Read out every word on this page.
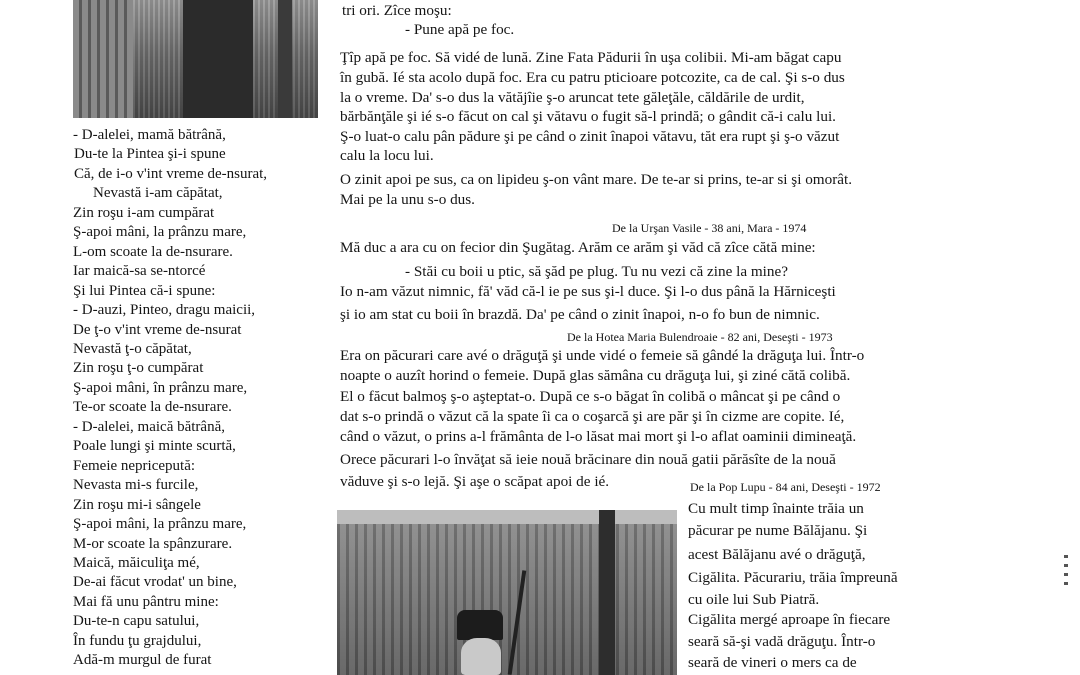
- D-alelei, mamă bătrână,
Du-te la Pintea şi-i spune
Că, de i-o v'int vreme de-nsurat,
Nevastă i-am căpătat,
Zin roşu i-am cumpărat
Ş-apoi mâni, la prânzu mare,
L-om scoate la de-nsurare.
Iar maică-sa se-ntorcé
Şi lui Pintea că-i spune:
- D-auzi, Pinteo, dragu maicii,
De ţ-o v'int vreme de-nsurat
Nevastă ţ-o căpătat,
Zin roşu ţ-o cumpărat
Ş-apoi mâni, în prânzu mare,
Te-or scoate la de-nsurare.
- D-alelei, maică bătrână,
Poale lungi şi minte scurtă,
Femeie nepricepută:
Nevasta mi-s furcile,
Zin roşu mi-i sângele
Ş-apoi mâni, la prânzu mare,
M-or scoate la spânzurare.
Maică, măiculiţa mé,
De-ai făcut vrodat' un bine,
Mai fă unu pântru mine:
Du-te-n capu satului,
În fundu ţu grajdului,
Adă-m murgul de furat

tri ori. Zîce moşu:

- Pune apă pe foc.

Ţîp apă pe foc. Să vidé de lună. Zine Fata Pădurii în uşa colibii. Mi-am băgat capu

în gubă. Ié sta acolo după foc. Era cu patru pticioare potcozite, ca de cal. Şi s-o dus

la o vreme. Da' s-o dus la vătăjîie ş-o aruncat tete găleţăle, căldările de urdit,

bărbănţăle şi ié s-o făcut on cal şi vătavu o fugit să-l prindă; o gândit că-i calu lui.

Ş-o luat-o calu pân pădure şi pe când o zinit înapoi vătavu, tăt era rupt şi ş-o văzut

calu la locu lui.

O zinit apoi pe sus, ca on lipideu ş-on vânt mare. De te-ar si prins, te-ar si şi omorât.

Mai pe la unu s-o dus.

De la Urşan Vasile - 38 ani, Mara - 1974

Mă duc a ara cu on fecior din Şugătag. Arăm ce arăm şi văd că zîce cătă mine:

- Stăi cu boii u ptic, să şăd pe plug. Tu nu vezi că zine la mine?

Io n-am văzut nimnic, fă' văd că-l ie pe sus şi-l duce. Şi l-o dus până la Hărniceşti

şi io am stat cu boii în brazdă. Da' pe când o zinit înapoi, n-o fo bun de nimnic.

De la Hotea Maria Bulendroaie - 82 ani, Deseşti - 1973

Era on păcurari care avé o drăguţă şi unde vidé o femeie să gândé la drăguţa lui. Într-o

noapte o auzît horind o femeie. După glas sămâna cu drăguţa lui, şi ziné cătă colibă.

El o făcut balmoş ş-o aşteptat-o. După ce s-o băgat în colibă o mâncat şi pe când o

dat s-o prindă o văzut că la spate îi ca o coşarcă şi are păr şi în cizme are copite. Ié,

când o văzut, o prins a-l frământa de l-o lăsat mai mort şi l-o aflat oaminii dimineaţă.

Orece păcurari l-o învăţat să ieie nouă brăcinare din nouă gatii părăsîte de la nouă

văduve şi s-o lejă. Şi aşe o scăpat apoi de ié.	De la Pop Lupu - 84 ani, Deseşti - 1972

Cu mult timp înainte trăia un

păcurar pe nume Bălăjanu. Şi

acest Bălăjanu avé o drăguţă,

Cigălita. Păcurariu, trăia împreună

cu oile lui Sub Piatră.

Cigălita mergé aproape în fiecare

seară să-şi vadă drăguţu. Într-o

seară de vineri o mers ca de
